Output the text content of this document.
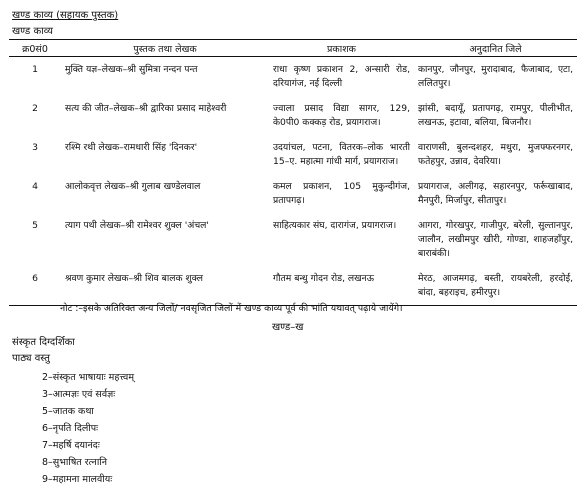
खण्ड काव्य (सहायक पुस्तक)
खण्ड काव्य
क्र0सं0	पुस्तक तथा लेखक	प्रकाशक	अनुदानित जिले
1	मुक्ति यज्ञ–लेखक–श्री सुमित्रा नन्दन पन्त	राधा कृष्ण प्रकाशन 2, अन्सारी रोड, दरियागंज, नई दिल्ली	कानपुर, जौनपुर, मुरादाबाद, फैजाबाद, एटा, ललितपुर।
2	सत्य की जीत–लेखक–श्री द्वारिका प्रसाद माहेश्वरी	ज्वाला प्रसाद विद्या सागर, 129, के0पी0 कक्कड़ रोड, प्रयागराज।	झांसी, बदायूँ, प्रतापगढ़, रामपुर, पीलीभीत, लखनऊ, इटावा, बलिया, बिजनौर।
3	रश्मि रथी लेखक–रामधारी सिंह 'दिनकर'	उदयांचल, पटना, वितरक–लोक भारती 15–ए. महात्मा गांधी मार्ग, प्रयागराज।	वाराणसी, बुलन्दशहर, मथुरा, मुजफ्फरनगर, फतेहपुर, उन्नाव, देवरिया।
4	आलोकवृत्त लेखक–श्री गुलाब खण्डेलवाल	कमल प्रकाशन, 105 मुकुन्दीगंज, प्रतापगढ़।	प्रयागराज, अलीगढ़, सहारनपुर, फर्रूखाबाद, मैनपुरी, मिर्जापुर, सीतापुर।
5	त्याग पथी लेखक–श्री रामेश्वर शुक्ल 'अंचल'	साहित्यकार संघ, दारागंज, प्रयागराज।	आगरा, गोरखपुर, गाजीपुर, बरेली, सुल्तानपुर, जालौन, लखीमपुर खीरी, गोण्डा, शाहजहाँपुर, बाराबंकी।
6	श्रवण कुमार लेखक–श्री शिव बालक शुक्ल	गौतम बन्धु गोदन रोड, लखनऊ	मेरठ, आजमगढ़, बस्ती, रायबरेली, हरदोई, बांदा, बहराइच, हमीरपुर।
नोट :–इसके अतिरिक्त अन्य जिलों/ नवसृजित जिलों में खण्ड काव्य पूर्व की भांति यथावत् पढ़ाये जायेंगे।
खण्ड–ख
संस्कृत दिग्दर्शिका
पाठ्य वस्तु
2–संस्कृत भाषायाः महत्त्वम्
3–आत्मज्ञः एवं सर्वज्ञः
5–जातक कथा
6–नृपति दिलीपः
7–महर्षि दयानंदः
8–सुभाषित रत्नानि
9–महामना मालवीयः
